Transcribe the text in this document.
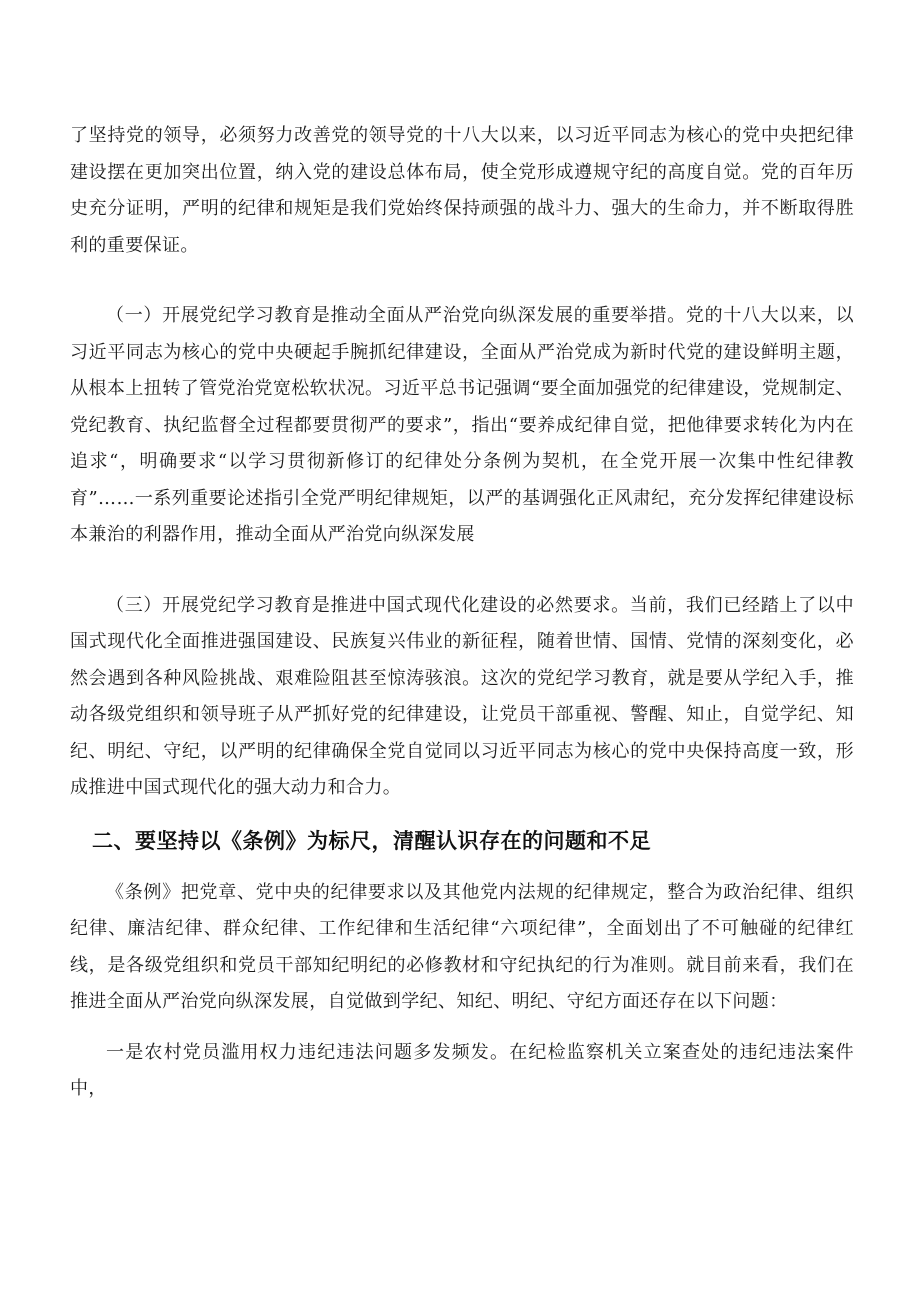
了坚持党的领导，必须努力改善党的领导党的十八大以来，以习近平同志为核心的党中央把纪律建设摆在更加突出位置，纳入党的建设总体布局，使全党形成遵规守纪的高度自觉。党的百年历史充分证明，严明的纪律和规矩是我们党始终保持顽强的战斗力、强大的生命力，并不断取得胜利的重要保证。

（一）开展党纪学习教育是推动全面从严治党向纵深发展的重要举措。党的十八大以来，以习近平同志为核心的党中央硬起手腕抓纪律建设，全面从严治党成为新时代党的建设鲜明主题，从根本上扭转了管党治党宽松软状况。习近平总书记强调“要全面加强党的纪律建设，党规制定、党纪教育、执纪监督全过程都要贯彻严的要求”，指出“要养成纪律自觉，把他律要求转化为内在追求“，明确要求“以学习贯彻新修订的纪律处分条例为契机，在全党开展一次集中性纪律教育”……一系列重要论述指引全党严明纪律规矩，以严的基调强化正风肃纪，充分发挥纪律建设标本兼治的利器作用，推动全面从严治党向纵深发展

（三）开展党纪学习教育是推进中国式现代化建设的必然要求。当前，我们已经踏上了以中国式现代化全面推进强国建设、民族复兴伟业的新征程，随着世情、国情、党情的深刻变化，必然会遇到各种风险挑战、艰难险阻甚至惊涛骇浪。这次的党纪学习教育，就是要从学纪入手，推动各级党组织和领导班子从严抓好党的纪律建设，让党员干部重视、警醒、知止，自觉学纪、知纪、明纪、守纪，以严明的纪律确保全党自觉同以习近平同志为核心的党中央保持高度一致，形成推进中国式现代化的强大动力和合力。

二、要坚持以《条例》为标尺，清醒认识存在的问题和不足

《条例》把党章、党中央的纪律要求以及其他党内法规的纪律规定，整合为政治纪律、组织纪律、廉洁纪律、群众纪律、工作纪律和生活纪律“六项纪律”，全面划出了不可触碰的纪律红线，是各级党组织和党员干部知纪明纪的必修教材和守纪执纪的行为准则。就目前来看，我们在推进全面从严治党向纵深发展，自觉做到学纪、知纪、明纪、守纪方面还存在以下问题：

一是农村党员滥用权力违纪违法问题多发频发。在纪检监察机关立案查处的违纪违法案件中，
